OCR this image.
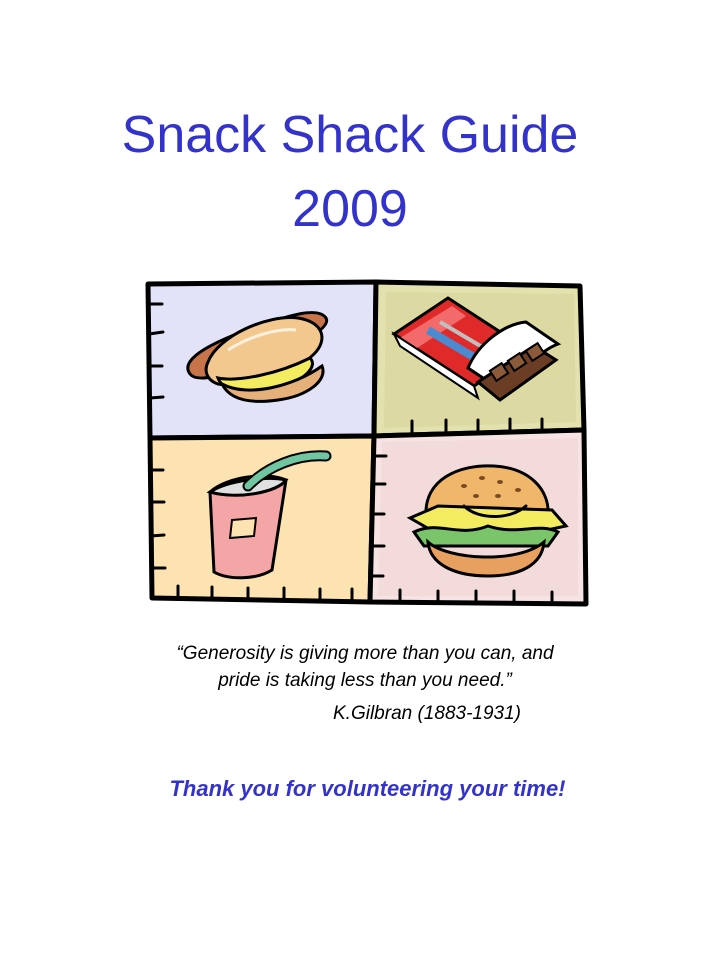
Snack Shack Guide
2009
“Generosity is giving more than you can, and
pride is taking less than you need.”
K.Gilbran (1883-1931)
Thank you for volunteering your time!
